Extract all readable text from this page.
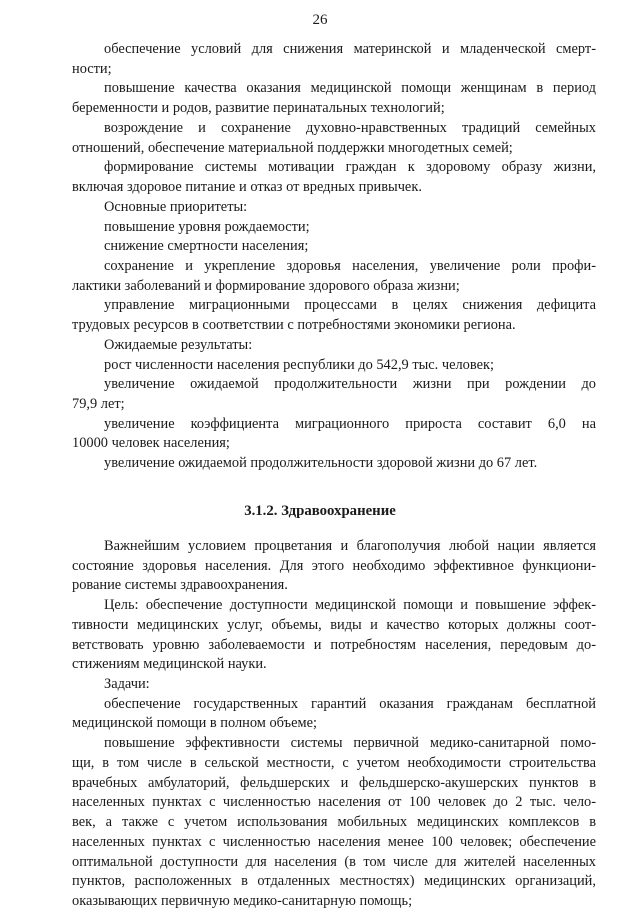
26
обеспечение условий для снижения материнской и младенческой смерт-
ности;
повышение качества оказания медицинской помощи женщинам в период
беременности и родов, развитие перинатальных технологий;
возрождение и сохранение духовно-нравственных традиций семейных
отношений, обеспечение материальной поддержки многодетных семей;
формирование системы мотивации граждан к здоровому образу жизни,
включая здоровое питание и отказ от вредных привычек.
Основные приоритеты:
повышение уровня рождаемости;
снижение смертности населения;
сохранение и укрепление здоровья населения, увеличение роли профи-
лактики заболеваний и формирование здорового образа жизни;
управление миграционными процессами в целях снижения дефицита
трудовых ресурсов в соответствии с потребностями экономики региона.
Ожидаемые результаты:
рост численности населения республики до 542,9 тыс. человек;
увеличение ожидаемой продолжительности жизни при рождении до
79,9 лет;
увеличение коэффициента миграционного прироста составит 6,0 на
10000 человек населения;
увеличение ожидаемой продолжительности здоровой жизни до 67 лет.
3.1.2. Здравоохранение
Важнейшим условием процветания и благополучия любой нации является
состояние здоровья населения. Для этого необходимо эффективное функциони-
рование системы здравоохранения.
Цель: обеспечение доступности медицинской помощи и повышение эффек-
тивности медицинских услуг, объемы, виды и качество которых должны соот-
ветствовать уровню заболеваемости и потребностям населения, передовым до-
стижениям медицинской науки.
Задачи:
обеспечение государственных гарантий оказания гражданам бесплатной
медицинской помощи в полном объеме;
повышение эффективности системы первичной медико-санитарной помо-
щи, в том числе в сельской местности, с учетом необходимости строительства
врачебных амбулаторий, фельдшерских и фельдшерско-акушерских пунктов в
населенных пунктах с численностью населения от 100 человек до 2 тыс. чело-
век, а также с учетом использования мобильных медицинских комплексов в
населенных пунктах с численностью населения менее 100 человек; обеспечение
оптимальной доступности для населения (в том числе для жителей населенных
пунктов, расположенных в отдаленных местностях) медицинских организаций,
оказывающих первичную медико-санитарную помощь;
